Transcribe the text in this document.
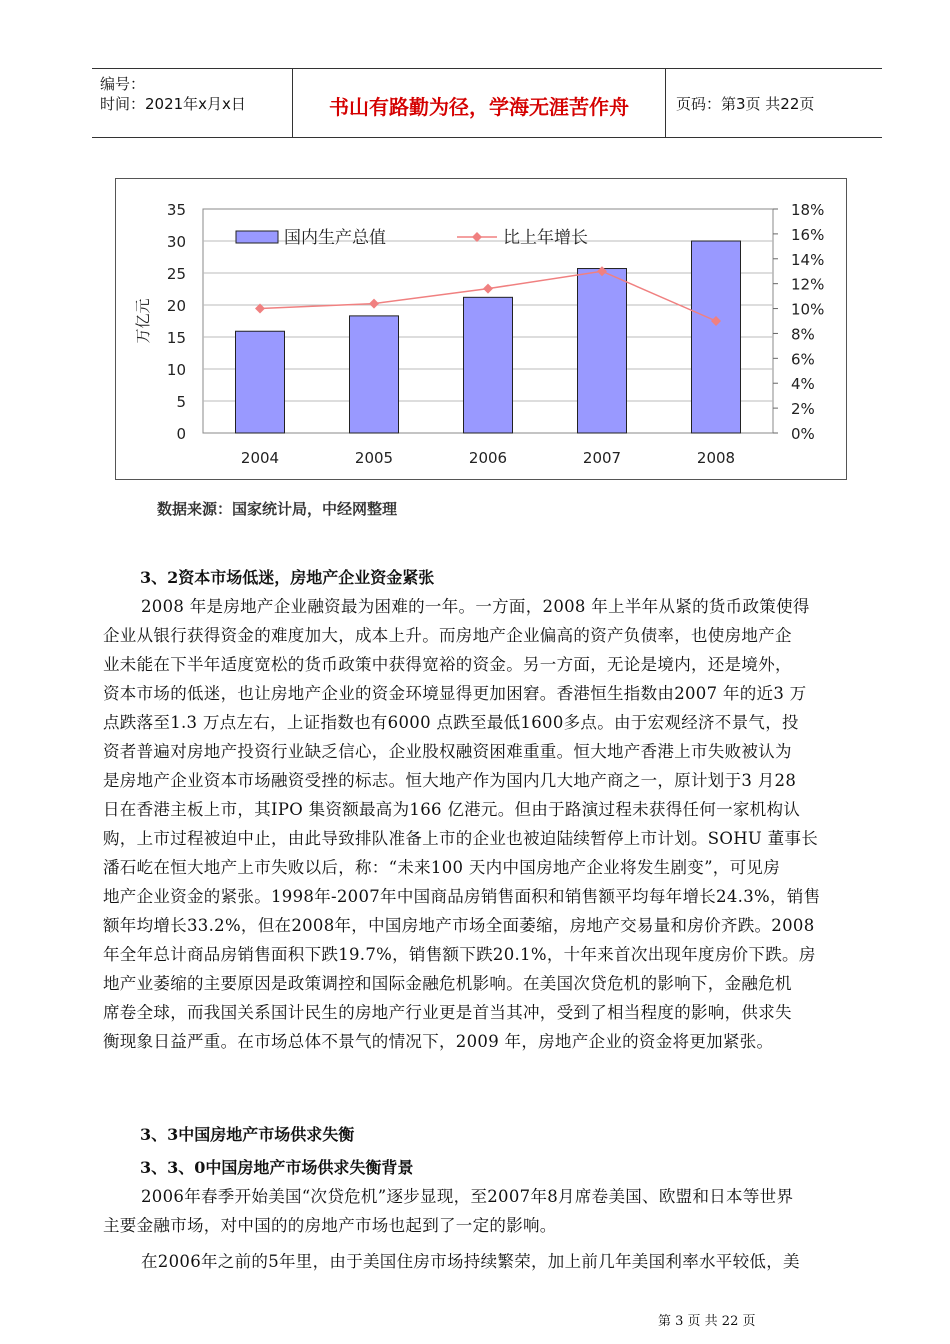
编号：
时间：2021年x月x日	书山有路勤为径，学海无涯苦作舟	页码：第3页 共22页
0
5
10
15
20
25
30
35
0%
2%
4%
6%
8%
10%
12%
14%
16%
18%
万亿元
2004	2005	2006	2007	2008
国内生产总值	比上年增长
数据来源：国家统计局，中经网整理
3、2资本市场低迷，房地产企业资金紧张
2008 年是房地产企业融资最为困难的一年。一方面，2008 年上半年从紧的货币政策使得
企业从银行获得资金的难度加大，成本上升。而房地产企业偏高的资产负债率，也使房地产企
业未能在下半年适度宽松的货币政策中获得宽裕的资金。另一方面，无论是境内，还是境外，
资本市场的低迷，也让房地产企业的资金环境显得更加困窘。香港恒生指数由2007 年的近3 万
点跌落至1.3 万点左右，上证指数也有6000 点跌至最低1600多点。由于宏观经济不景气，投
资者普遍对房地产投资行业缺乏信心，企业股权融资困难重重。恒大地产香港上市失败被认为
是房地产企业资本市场融资受挫的标志。恒大地产作为国内几大地产商之一，原计划于3 月28
日在香港主板上市，其IPO 集资额最高为166 亿港元。但由于路演过程未获得任何一家机构认
购，上市过程被迫中止，由此导致排队准备上市的企业也被迫陆续暂停上市计划。SOHU 董事长
潘石屹在恒大地产上市失败以后，称：“未来100 天内中国房地产企业将发生剧变”，可见房
地产企业资金的紧张。1998年-2007年中国商品房销售面积和销售额平均每年增长24.3%，销售
额年均增长33.2%，但在2008年，中国房地产市场全面萎缩，房地产交易量和房价齐跌。2008
年全年总计商品房销售面积下跌19.7%，销售额下跌20.1%，十年来首次出现年度房价下跌。房
地产业萎缩的主要原因是政策调控和国际金融危机影响。在美国次贷危机的影响下，金融危机
席卷全球，而我国关系国计民生的房地产行业更是首当其冲，受到了相当程度的影响，供求失
衡现象日益严重。在市场总体不景气的情况下，2009 年，房地产企业的资金将更加紧张。
3、3中国房地产市场供求失衡
3、3、0中国房地产市场供求失衡背景
2006年春季开始美国“次贷危机”逐步显现，至2007年8月席卷美国、欧盟和日本等世界
主要金融市场，对中国的的房地产市场也起到了一定的影响。
在2006年之前的5年里，由于美国住房市场持续繁荣，加上前几年美国利率水平较低，美
第 3 页 共 22 页
